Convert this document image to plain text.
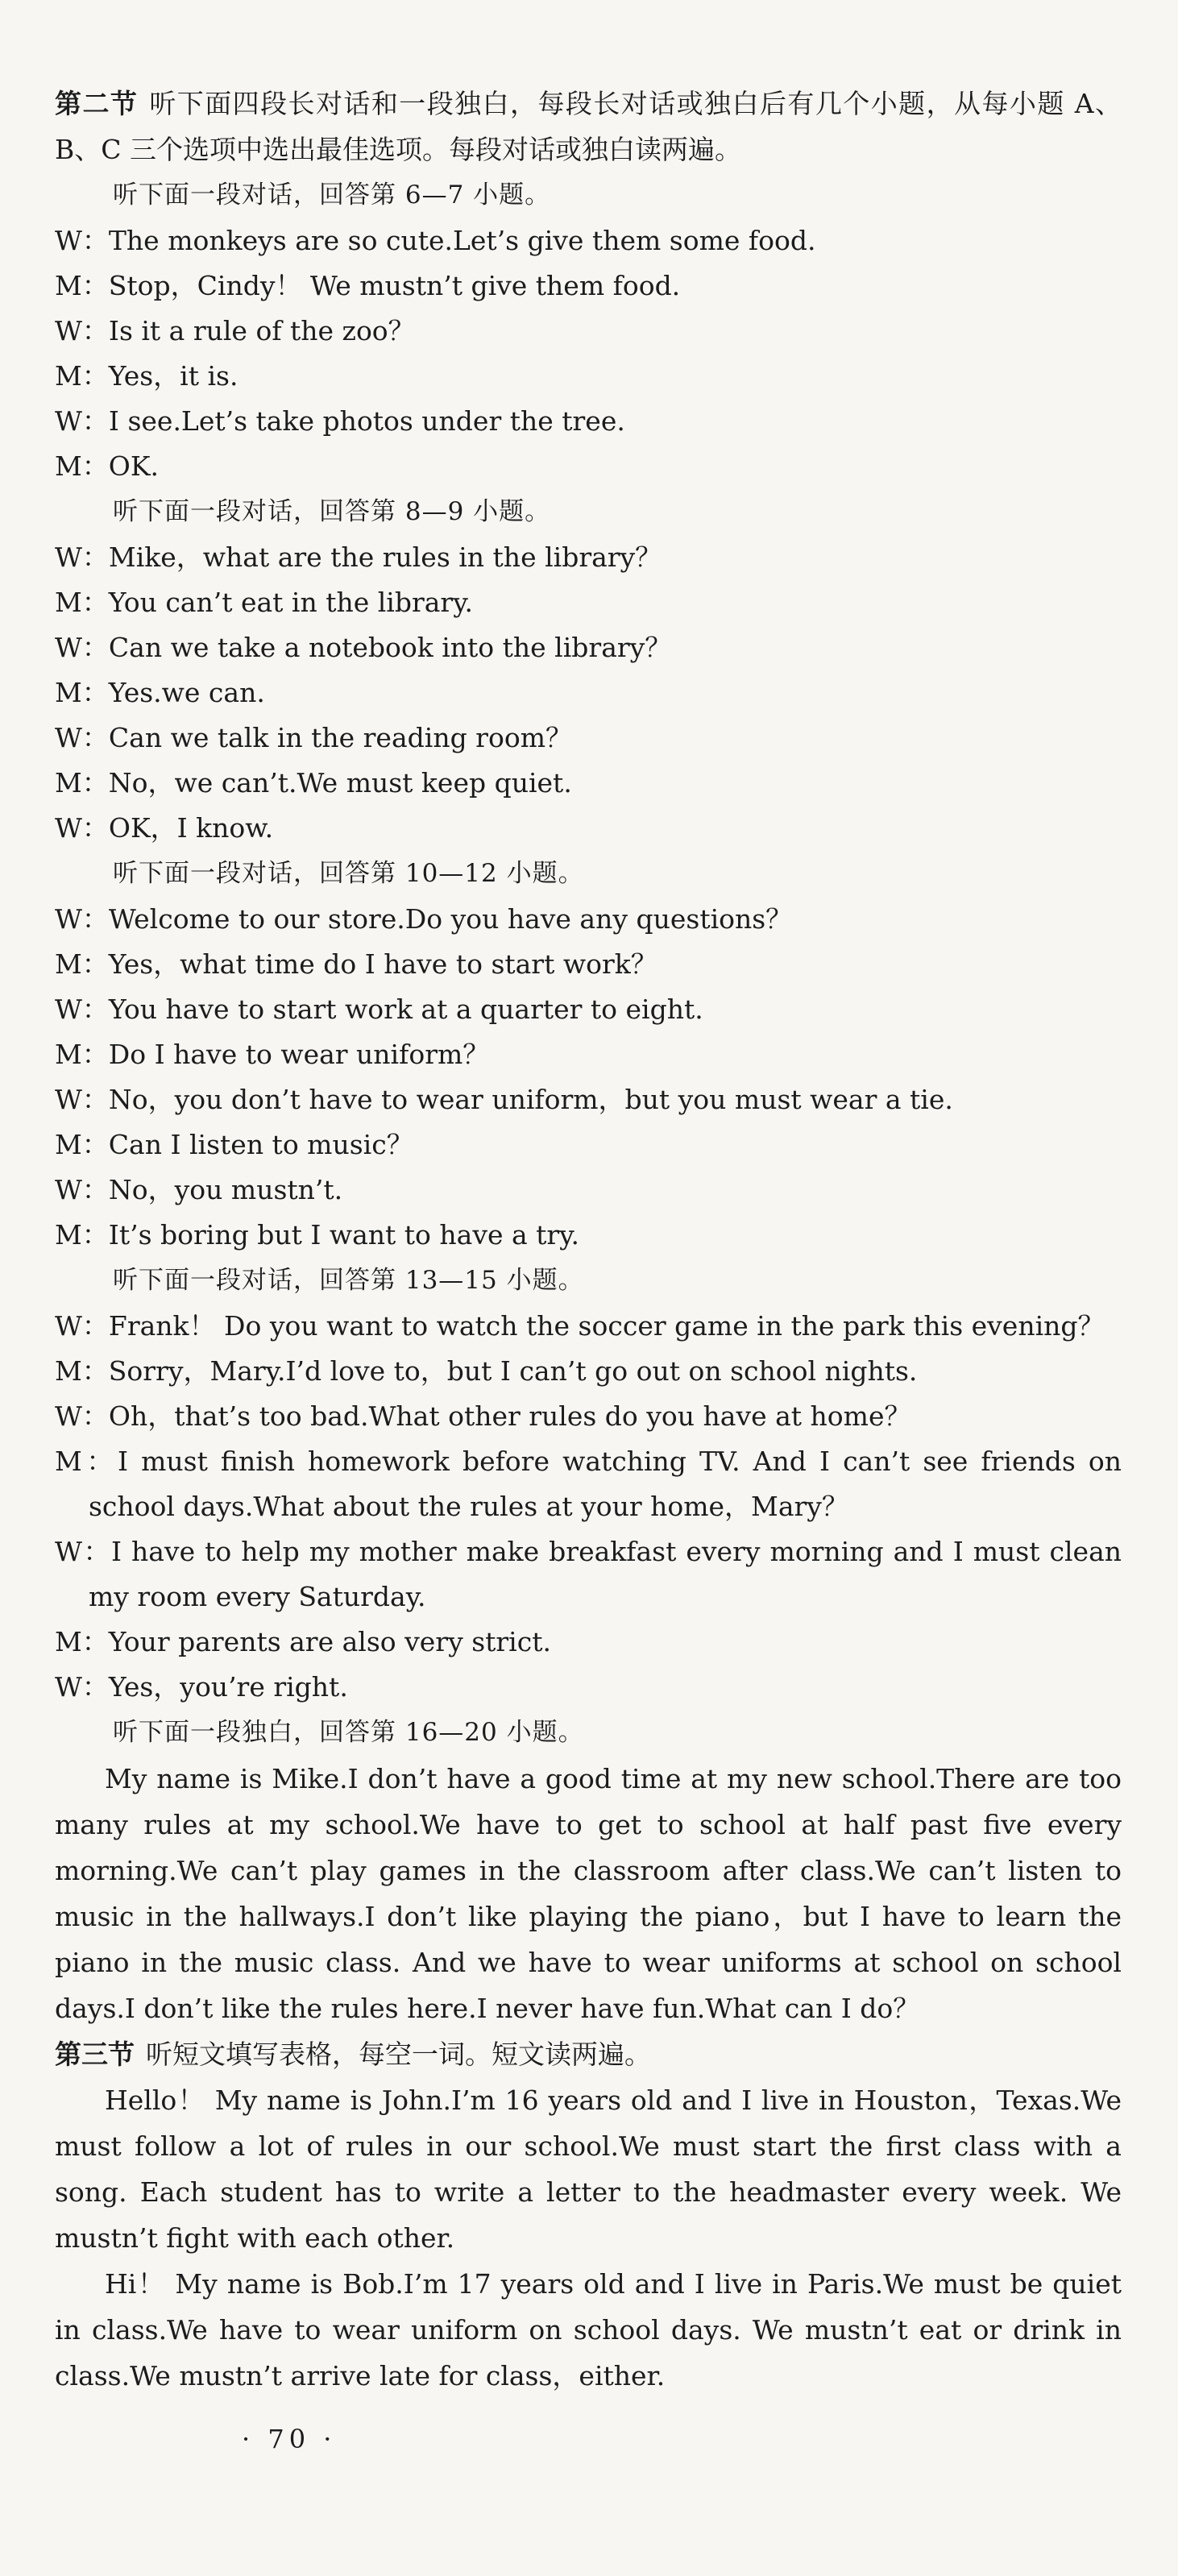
第二节 听下面四段长对话和一段独白，每段长对话或独白后有几个小题，从每小题 A、B、C 三个选项中选出最佳选项。每段对话或独白读两遍。

听下面一段对话，回答第 6—7 小题。

W：The monkeys are so cute.Let’s give them some food.

M：Stop，Cindy！ We mustn’t give them food.

W：Is it a rule of the zoo？

M：Yes，it is.

W：I see.Let’s take photos under the tree.

M：OK.

听下面一段对话，回答第 8—9 小题。

W：Mike，what are the rules in the library？

M：You can’t eat in the library.

W：Can we take a notebook into the library？

M：Yes.we can.

W：Can we talk in the reading room？

M：No，we can’t.We must keep quiet.

W：OK，I know.

听下面一段对话，回答第 10—12 小题。

W：Welcome to our store.Do you have any questions？

M：Yes，what time do I have to start work？

W：You have to start work at a quarter to eight.

M：Do I have to wear uniform？

W：No，you don’t have to wear uniform，but you must wear a tie.

M：Can I listen to music？

W：No，you mustn’t.

M：It’s boring but I want to have a try.

听下面一段对话，回答第 13—15 小题。

W：Frank！ Do you want to watch the soccer game in the park this evening？

M：Sorry，Mary.I’d love to，but I can’t go out on school nights.

W：Oh，that’s too bad.What other rules do you have at home？

M：I must finish homework before watching TV. And I can’t see friends on school days.What about the rules at your home，Mary？

W：I have to help my mother make breakfast every morning and I must clean my room every Saturday.

M：Your parents are also very strict.

W：Yes，you’re right.

听下面一段独白，回答第 16—20 小题。

My name is Mike.I don’t have a good time at my new school.There are too many rules at my school.We have to get to school at half past five every morning.We can’t play games in the classroom after class.We can’t listen to music in the hallways.I don’t like playing the piano，but I have to learn the piano in the music class. And we have to wear uniforms at school on school days.I don’t like the rules here.I never have fun.What can I do？

第三节 听短文填写表格，每空一词。短文读两遍。

Hello！ My name is John.I’m 16 years old and I live in Houston，Texas.We must follow a lot of rules in our school.We must start the first class with a song. Each student has to write a letter to the headmaster every week. We mustn’t fight with each other.

Hi！ My name is Bob.I’m 17 years old and I live in Paris.We must be quiet in class.We have to wear uniform on school days. We mustn’t eat or drink in class.We mustn’t arrive late for class，either.

· 70 ·
